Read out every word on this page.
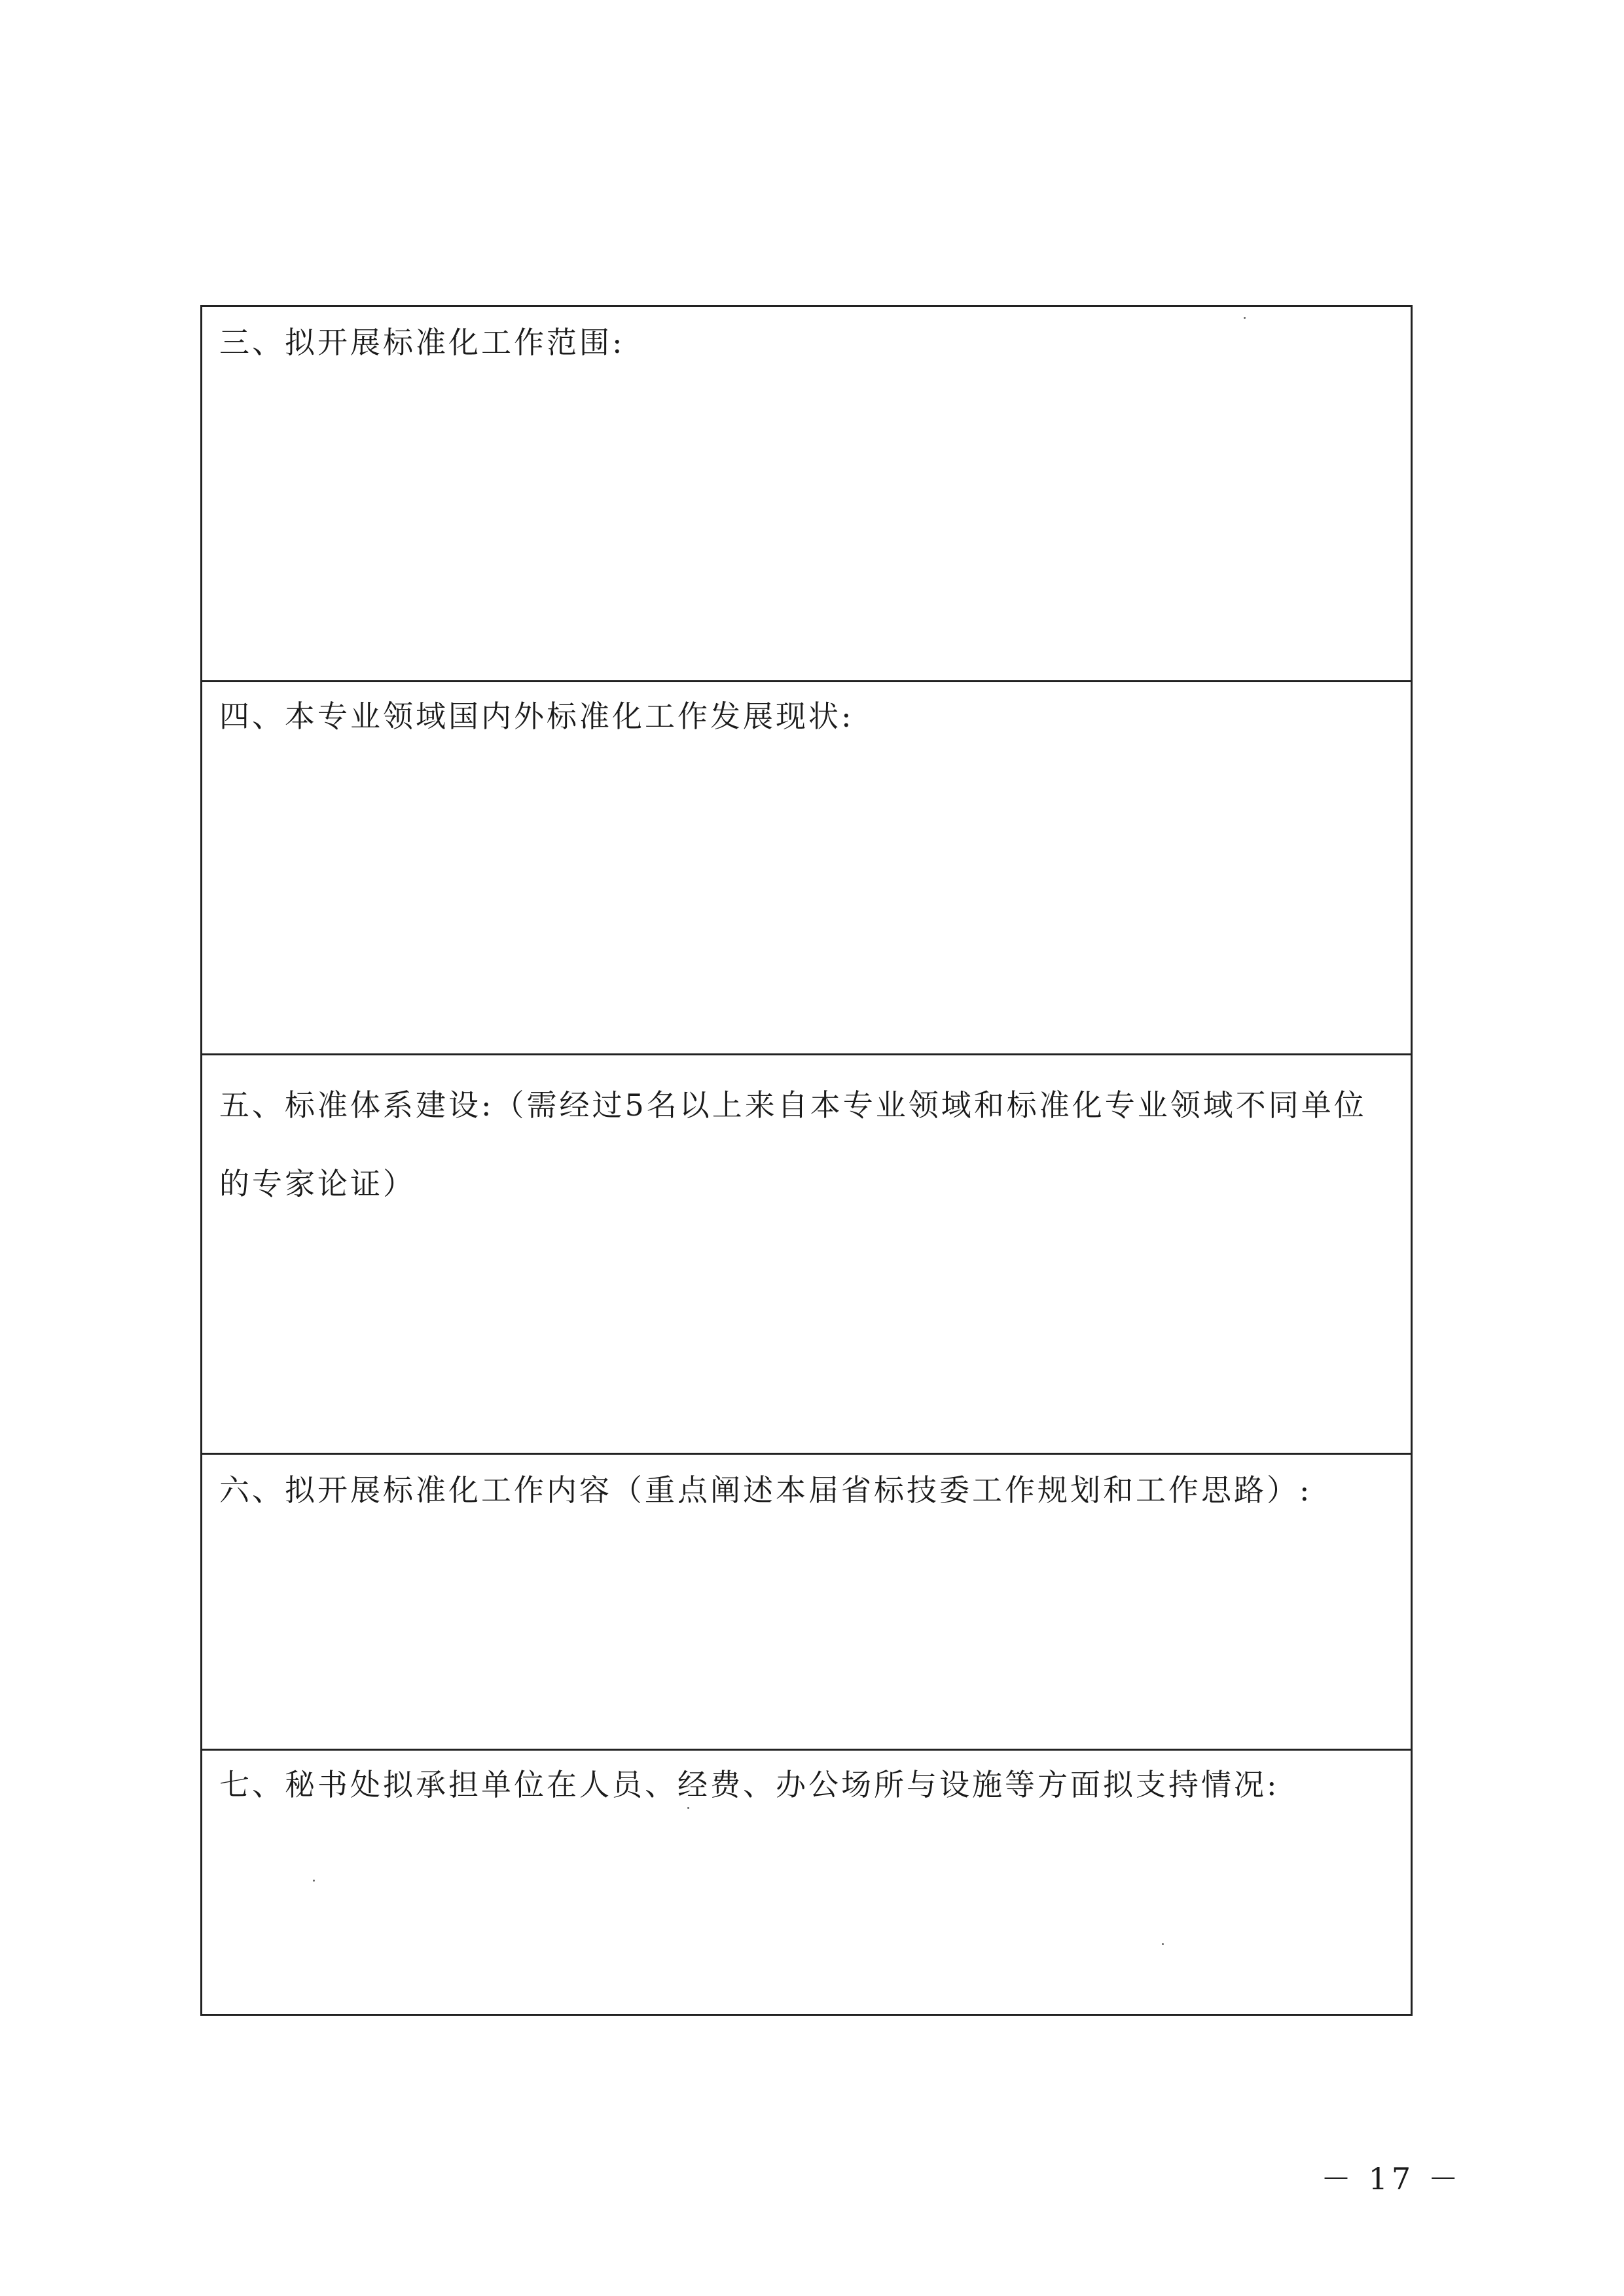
三、拟开展标准化工作范围:
四、本专业领域国内外标准化工作发展现状:
五、标准体系建设:（需经过5名以上来自本专业领域和标准化专业领域不同单位的专家论证）
六、拟开展标准化工作内容（重点阐述本届省标技委工作规划和工作思路）:
七、秘书处拟承担单位在人员、经费、办公场所与设施等方面拟支持情况:
－ 17 －
